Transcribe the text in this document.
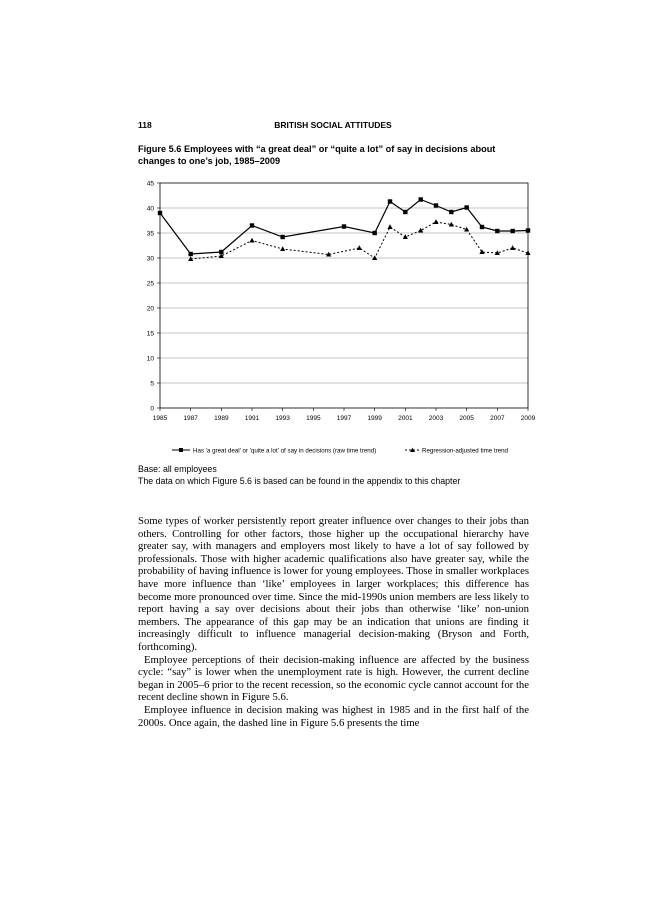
118	BRITISH SOCIAL ATTITUDES
Figure 5.6 Employees with “a great deal” or “quite a lot” of say in decisions about changes to one’s job, 1985–2009
0
5
10
15
20
25
30
35
40
45
1985 1987 1989 1991 1993 1995 1997 1999 2001 2003 2005 2007 2009
Has 'a great deal' or 'quite a lot' of say in decisions (raw time trend)	Regression-adjusted time trend

Base: all employees

The data on which Figure 5.6 is based can be found in the appendix to this chapter

Some types of worker persistently report greater influence over changes to their jobs than others. Controlling for other factors, those higher up the occupational hierarchy have greater say, with managers and employers most likely to have a lot of say followed by professionals. Those with higher academic qualifications also have greater say, while the probability of having influence is lower for young employees. Those in smaller workplaces have more influence than ‘like’ employees in larger workplaces; this difference has become more pronounced over time. Since the mid-1990s union members are less likely to report having a say over decisions about their jobs than otherwise ‘like’ non-union members. The appearance of this gap may be an indication that unions are finding it increasingly difficult to influence managerial decision-making (Bryson and Forth, forthcoming).

Employee perceptions of their decision-making influence are affected by the business cycle: “say” is lower when the unemployment rate is high. However, the current decline began in 2005–6 prior to the recent recession, so the economic cycle cannot account for the recent decline shown in Figure 5.6.

Employee influence in decision making was highest in 1985 and in the first half of the 2000s. Once again, the dashed line in Figure 5.6 presents the time
